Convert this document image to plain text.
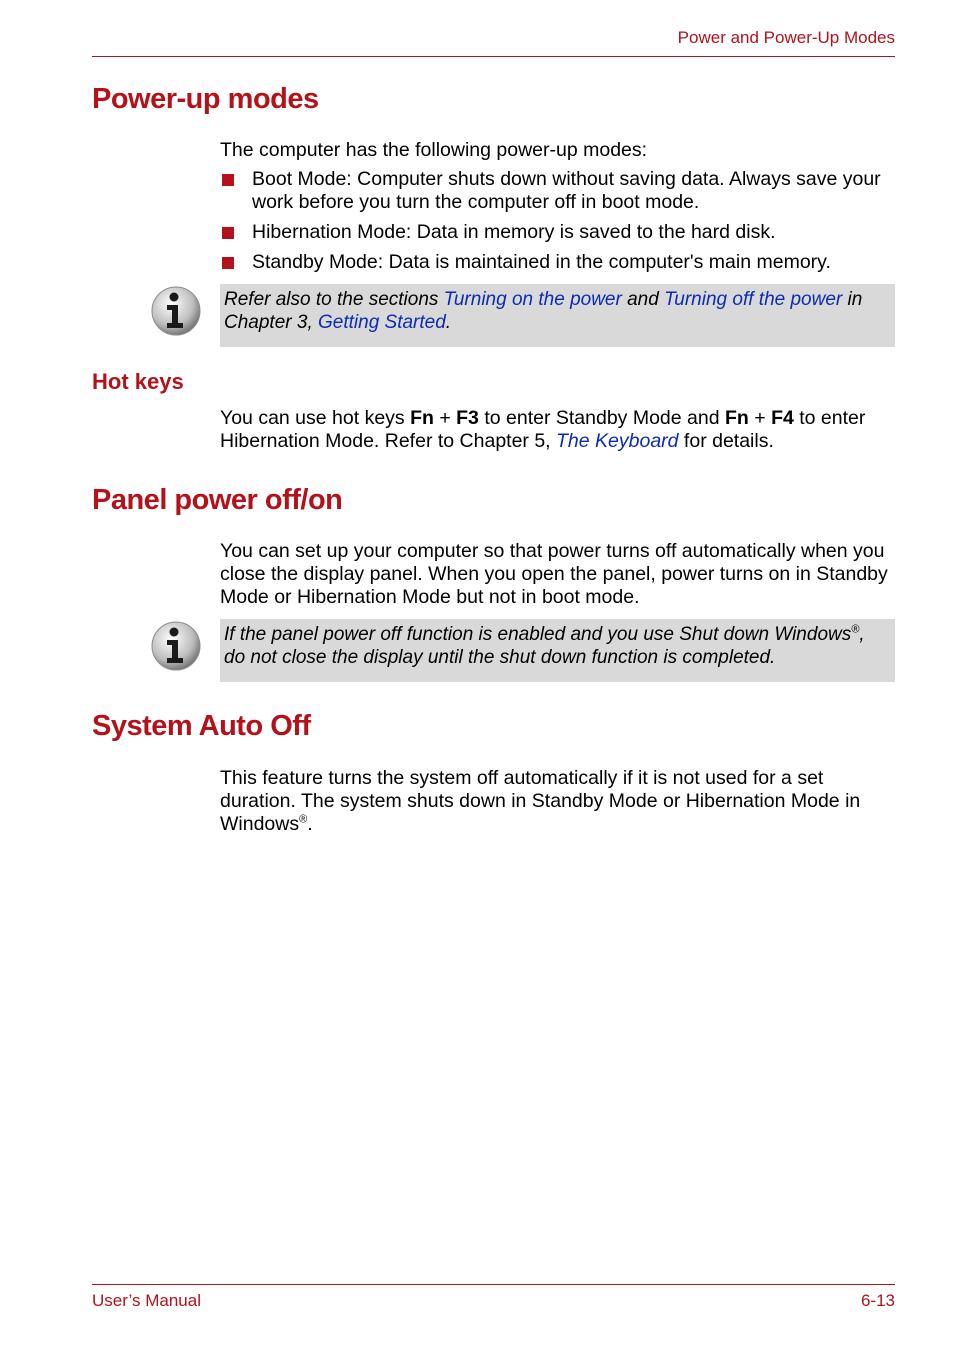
Power and Power-Up Modes
Power-up modes

The computer has the following power-up modes:

Boot Mode: Computer shuts down without saving data. Always save your work before you turn the computer off in boot mode.
Hibernation Mode: Data in memory is saved to the hard disk.
Standby Mode: Data is maintained in the computer's main memory.
Refer also to the sections Turning on the power and Turning off the power in Chapter 3, Getting Started.
Hot keys

You can use hot keys Fn + F3 to enter Standby Mode and Fn + F4 to enter Hibernation Mode. Refer to Chapter 5, The Keyboard for details.

Panel power off/on

You can set up your computer so that power turns off automatically when you close the display panel. When you open the panel, power turns on in Standby Mode or Hibernation Mode but not in boot mode.

If the panel power off function is enabled and you use Shut down Windows®, do not close the display until the shut down function is completed.
System Auto Off

This feature turns the system off automatically if it is not used for a set duration. The system shuts down in Standby Mode or Hibernation Mode in Windows®.

User’s Manual	6-13
